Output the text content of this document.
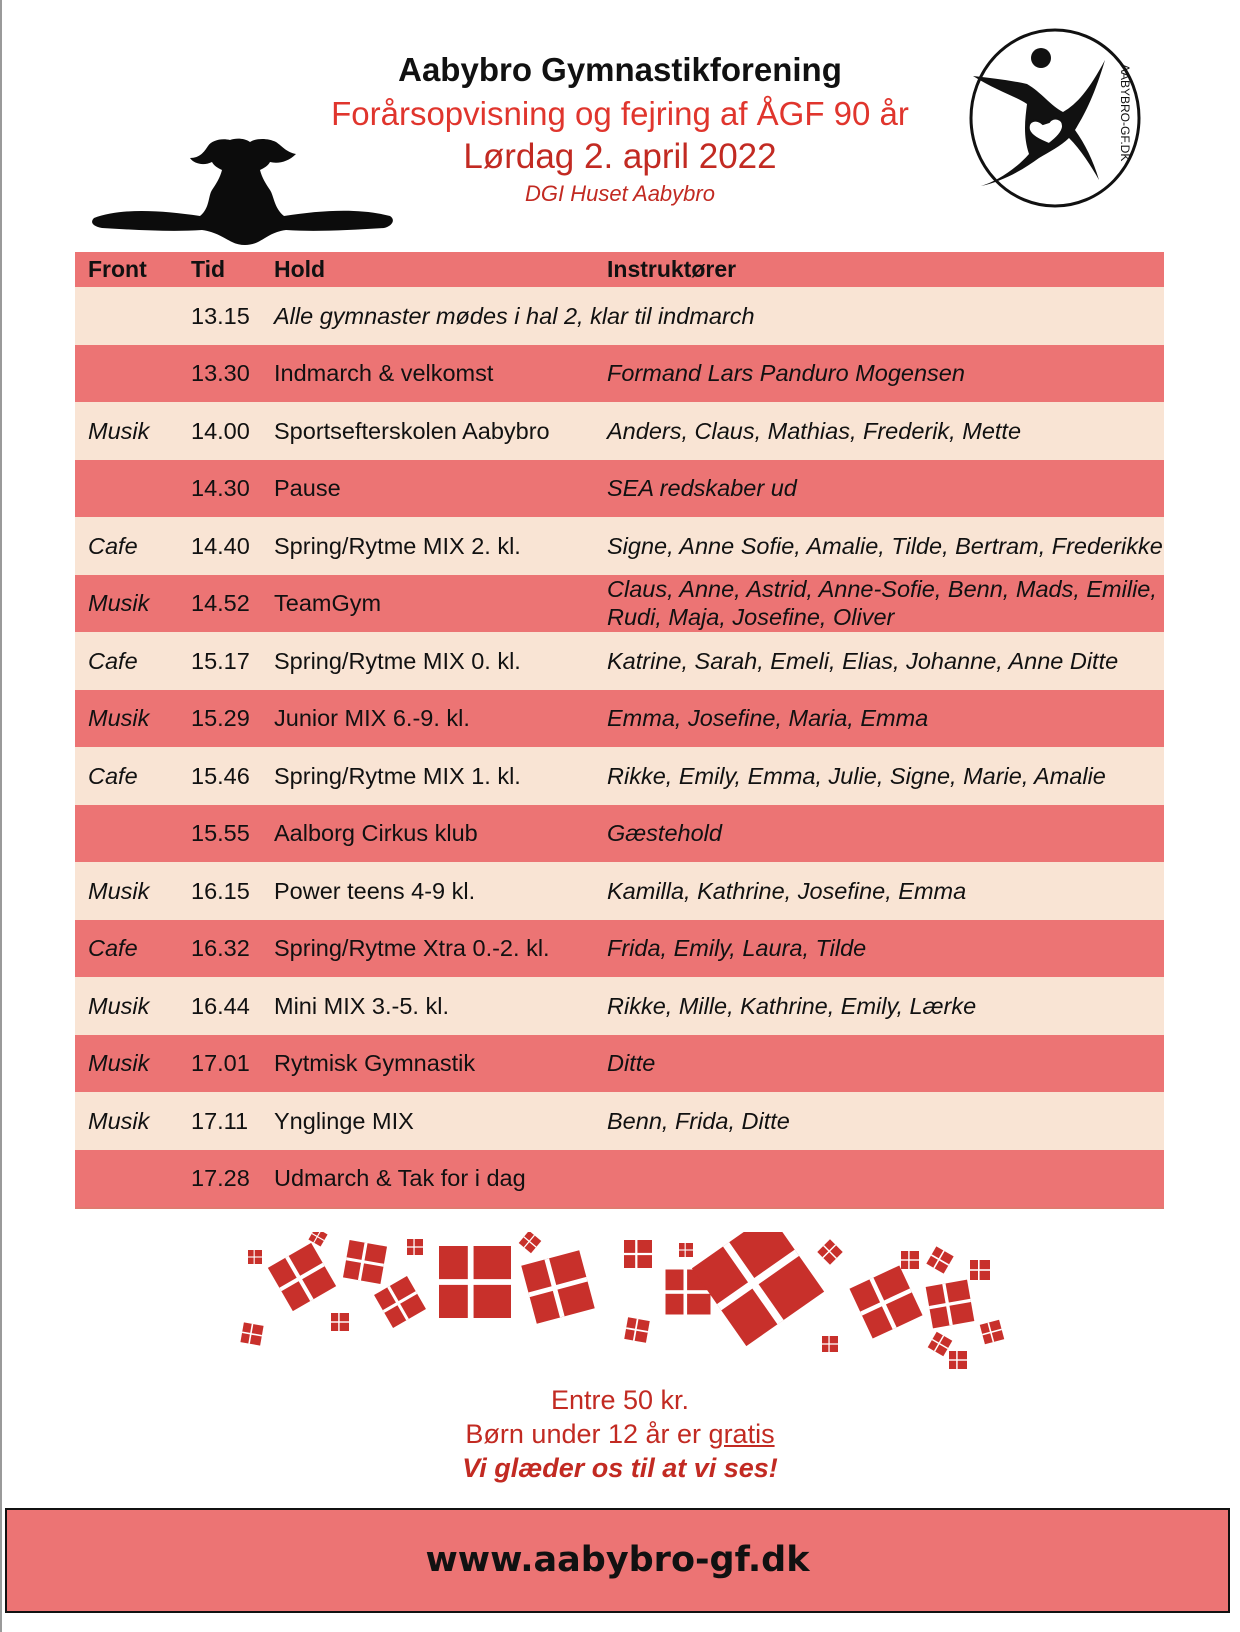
Aabybro Gymnastikforening
Forårsopvisning og fejring af ÅGF 90 år
Lørdag 2. april 2022
DGI Huset Aabybro
AABYBRO-GF.DK
Front	Tid	Hold	Instruktører
	13.15	Alle gymnaster mødes i hal 2, klar til indmarch	
	13.30	Indmarch & velkomst	Formand Lars Panduro Mogensen
Musik	14.00	Sportsefterskolen Aabybro	Anders, Claus, Mathias, Frederik, Mette
	14.30	Pause	SEA redskaber ud
Cafe	14.40	Spring/Rytme MIX 2. kl.	Signe, Anne Sofie, Amalie, Tilde, Bertram, Frederikke
Musik	14.52	TeamGym	Claus, Anne, Astrid, Anne-Sofie, Benn, Mads, Emilie, Rudi, Maja, Josefine, Oliver
Cafe	15.17	Spring/Rytme MIX 0. kl.	Katrine, Sarah, Emeli, Elias, Johanne, Anne Ditte
Musik	15.29	Junior MIX 6.-9. kl.	Emma, Josefine, Maria, Emma
Cafe	15.46	Spring/Rytme MIX 1. kl.	Rikke, Emily, Emma, Julie, Signe, Marie, Amalie
	15.55	Aalborg Cirkus klub	Gæstehold
Musik	16.15	Power teens 4-9 kl.	Kamilla, Kathrine, Josefine, Emma
Cafe	16.32	Spring/Rytme Xtra 0.-2. kl.	Frida, Emily, Laura, Tilde
Musik	16.44	Mini MIX 3.-5. kl.	Rikke, Mille, Kathrine, Emily, Lærke
Musik	17.01	Rytmisk Gymnastik	Ditte
Musik	17.11	Ynglinge MIX	Benn, Frida, Ditte
	17.28	Udmarch & Tak for i dag	
Entre 50 kr.
Børn under 12 år er gratis
Vi glæder os til at vi ses!
www.aabybro-gf.dk
